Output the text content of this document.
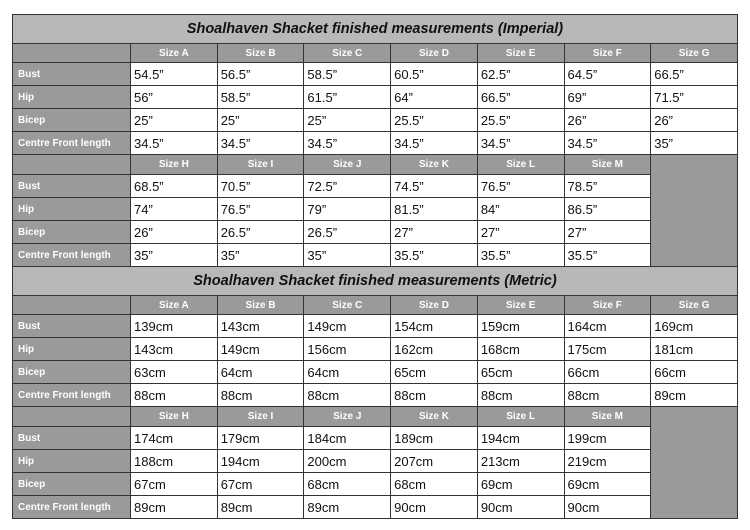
Shoalhaven Shacket finished measurements (Imperial)
Size A	Size B	Size C	Size D	Size E	Size F	Size G
Bust	54.5”	56.5”	58.5”	60.5”	62.5”	64.5”	66.5”
Hip	56”	58.5”	61.5”	64”	66.5”	69”	71.5”
Bicep	25”	25”	25”	25.5”	25.5”	26”	26”
Centre Front length	34.5”	34.5”	34.5”	34.5”	34.5”	34.5”	35”
Size H	Size I	Size J	Size K	Size L	Size M
Bust	68.5”	70.5”	72.5”	74.5”	76.5”	78.5”
Hip	74”	76.5”	79”	81.5”	84”	86.5”
Bicep	26”	26.5”	26.5”	27”	27”	27”
Centre Front length	35”	35”	35”	35.5”	35.5”	35.5”
Shoalhaven Shacket finished measurements (Metric)
Size A	Size B	Size C	Size D	Size E	Size F	Size G
Bust	139cm	143cm	149cm	154cm	159cm	164cm	169cm
Hip	143cm	149cm	156cm	162cm	168cm	175cm	181cm
Bicep	63cm	64cm	64cm	65cm	65cm	66cm	66cm
Centre Front length	88cm	88cm	88cm	88cm	88cm	88cm	89cm
Size H	Size I	Size J	Size K	Size L	Size M
Bust	174cm	179cm	184cm	189cm	194cm	199cm
Hip	188cm	194cm	200cm	207cm	213cm	219cm
Bicep	67cm	67cm	68cm	68cm	69cm	69cm
Centre Front length	89cm	89cm	89cm	90cm	90cm	90cm
